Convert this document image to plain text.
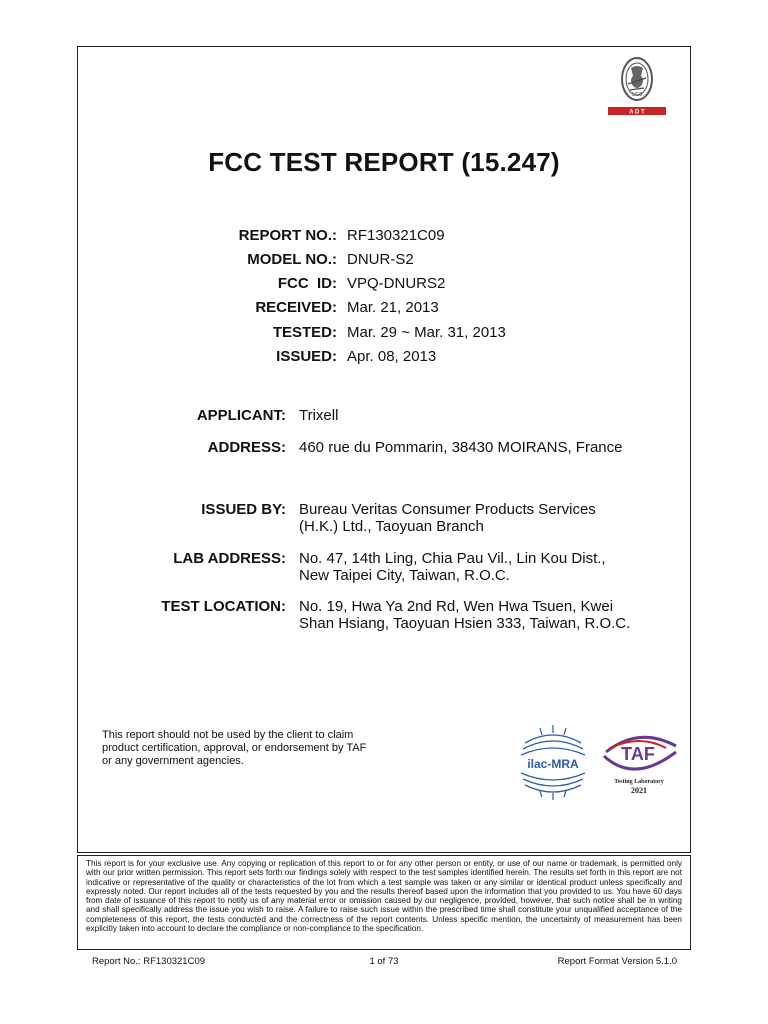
1828
A D T
FCC TEST REPORT (15.247)
REPORT NO.: RF130321C09
MODEL NO.: DNUR-S2
FCC  ID: VPQ-DNURS2
RECEIVED: Mar. 21, 2013
TESTED: Mar. 29 ~ Mar. 31, 2013
ISSUED: Apr. 08, 2013
APPLICANT: Trixell
ADDRESS: 460 rue du Pommarin, 38430 MOIRANS, France
ISSUED BY: Bureau Veritas Consumer Products Services
(H.K.) Ltd., Taoyuan Branch
LAB ADDRESS: No. 47, 14th Ling, Chia Pau Vil., Lin Kou Dist.,
New Taipei City, Taiwan, R.O.C.
TEST LOCATION: No. 19, Hwa Ya 2nd Rd, Wen Hwa Tsuen, Kwei
Shan Hsiang, Taoyuan Hsien 333, Taiwan, R.O.C.
This report should not be used by the client to claim product certification, approval, or endorsement by TAF or any government agencies.	ilac-MRA TAF
Testing Laboratory
2021
This report is for your exclusive use. Any copying or replication of this report to or for any other person or entity, or use of our name or trademark, is permitted only with our prior written permission. This report sets forth our findings solely with respect to the test samples identified herein. The results set forth in this report are not indicative or representative of the quality or characteristics of the lot from which a test sample was taken or any similar or identical product unless specifically and expressly noted. Our report includes all of the tests requested by you and the results thereof based upon the information that you provided to us. You have 60 days from date of issuance of this report to notify us of any material error or omission caused by our negligence, provided, however, that such notice shall be in writing and shall specifically address the issue you wish to raise. A failure to raise such issue within the prescribed time shall constitute your unqualified acceptance of the completeness of this report, the tests conducted and the correctness of the report contents. Unless specific mention, the uncertainty of measurement has been explicitly taken into account to declare the compliance or non-compliance to the specification.
Report No.: RF130321C09	1 of 73	Report Format Version 5.1.0
